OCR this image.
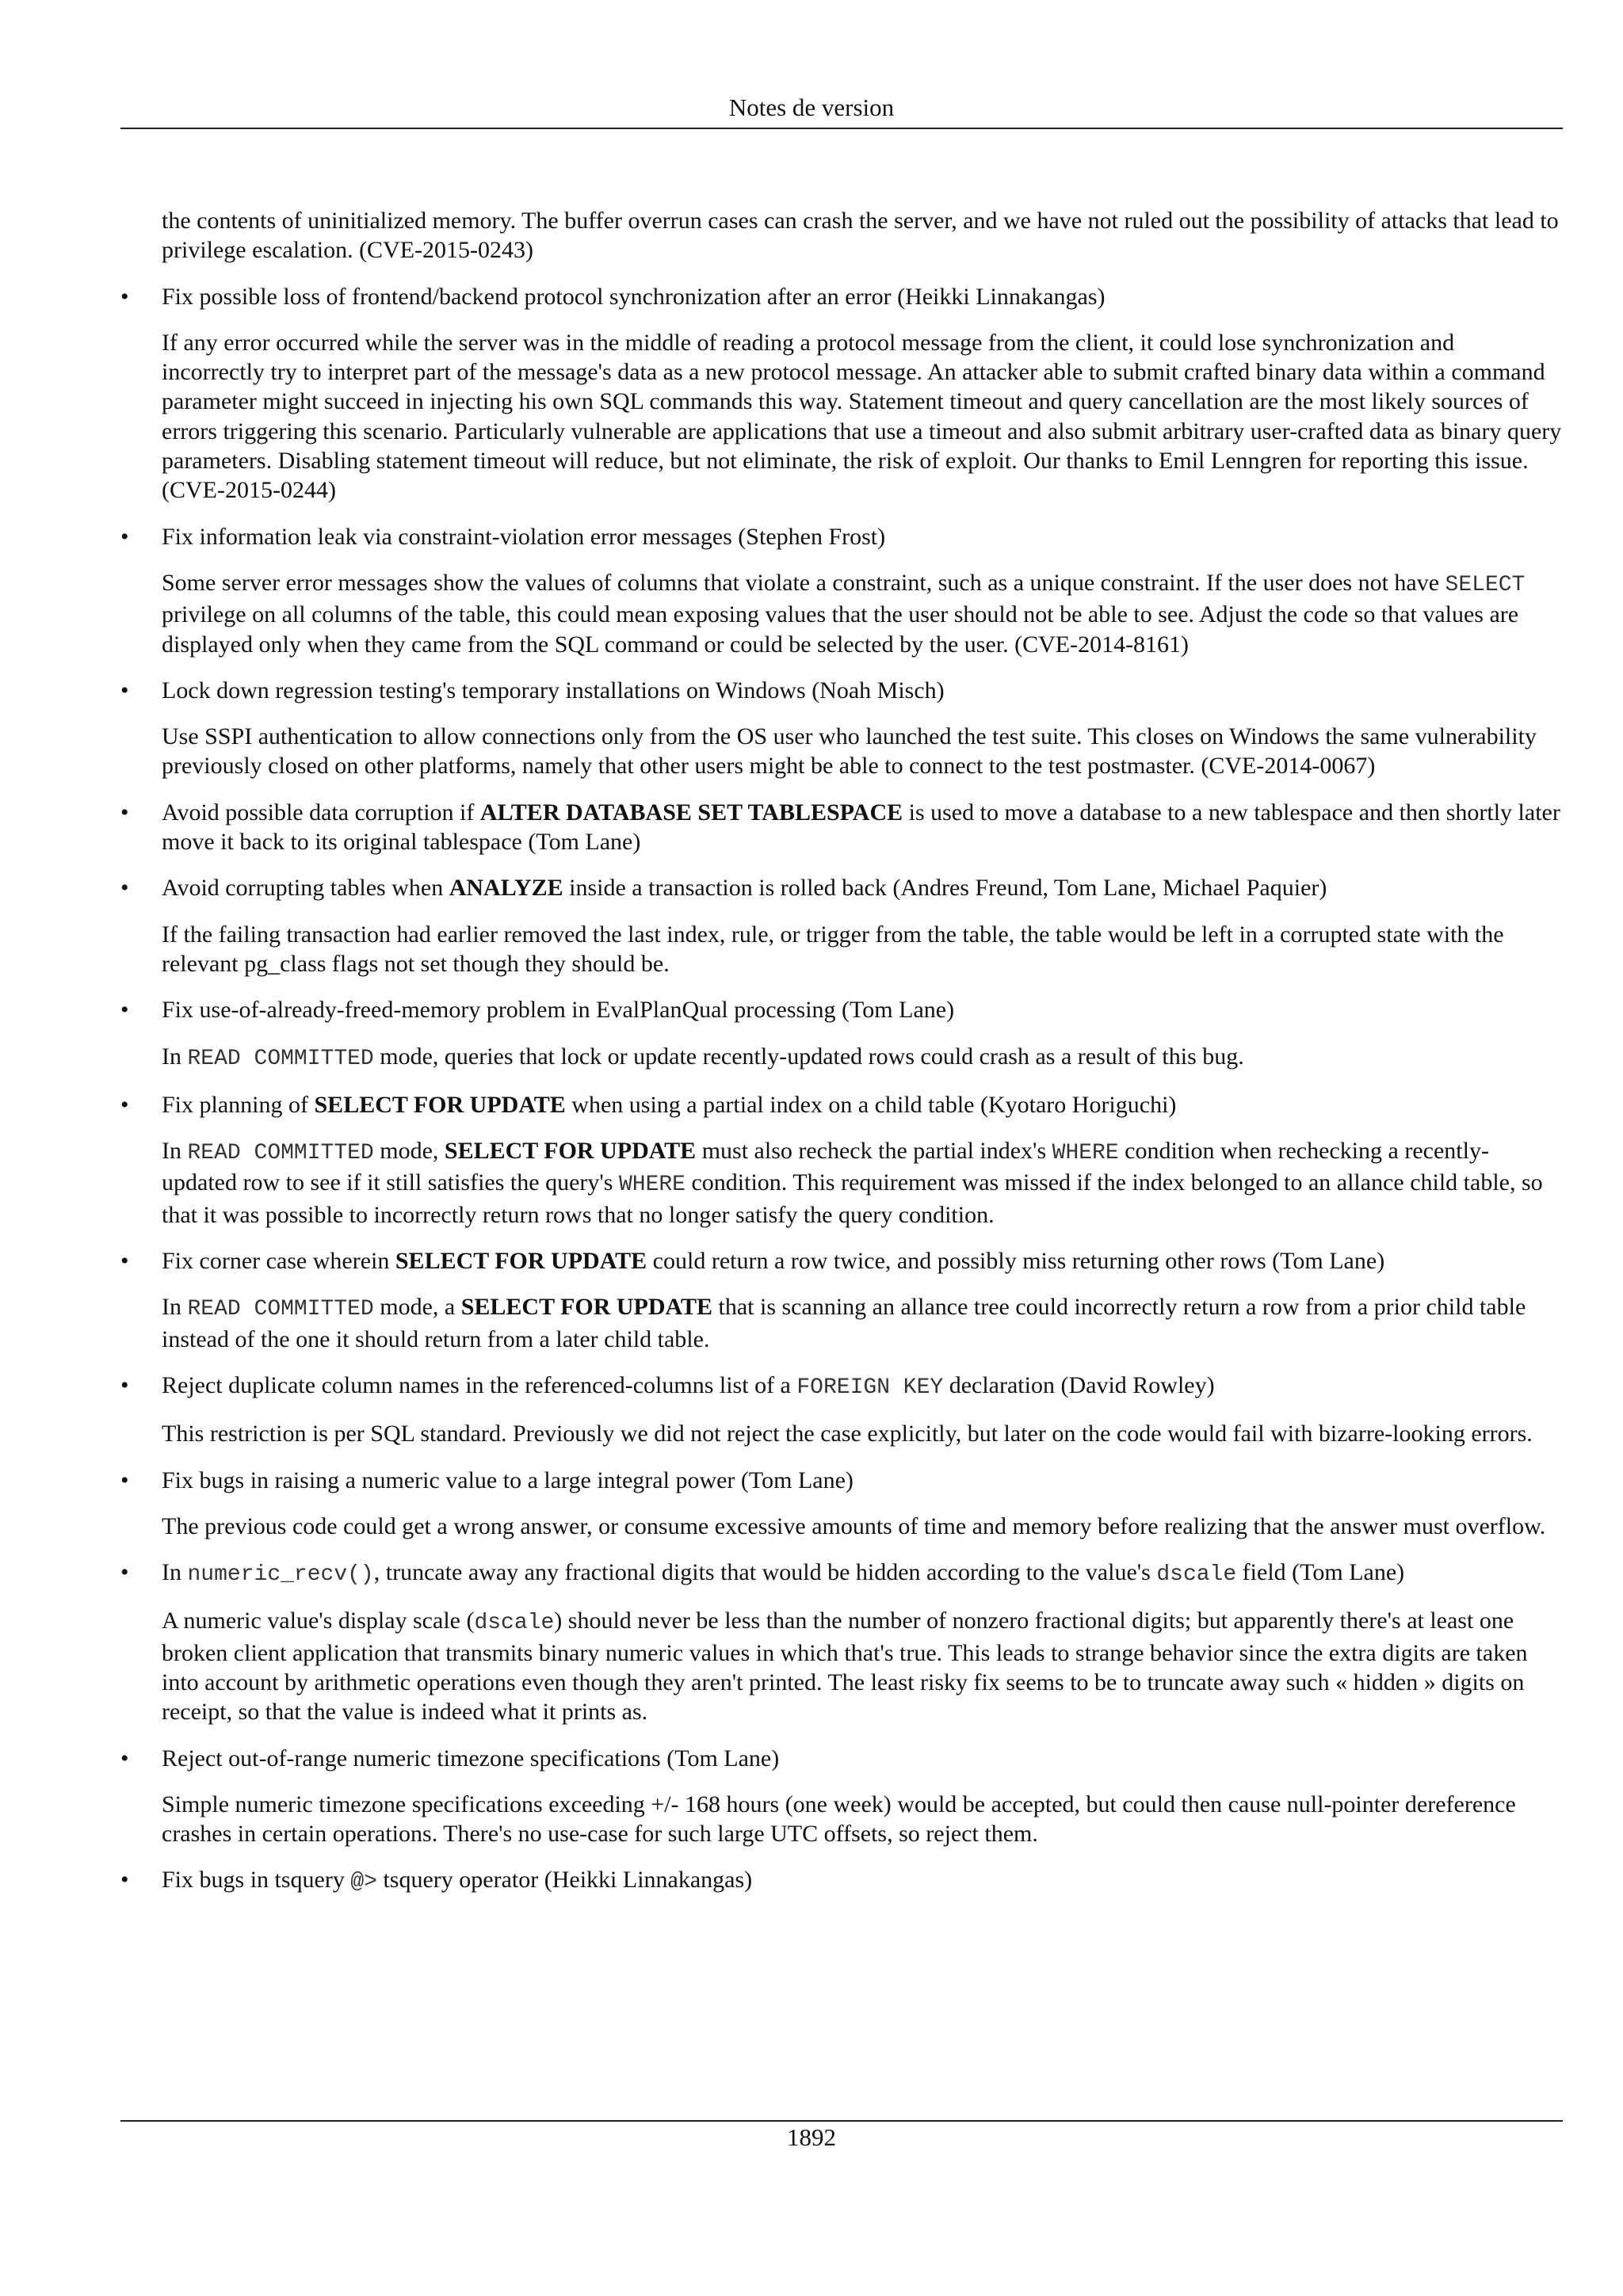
Notes de version

the contents of uninitialized memory. The buffer overrun cases can crash the server, and we have not ruled out the possibility of attacks that lead to privilege escalation. (CVE-2015-0243)

• Fix possible loss of frontend/backend protocol synchronization after an error (Heikki Linnakangas)

If any error occurred while the server was in the middle of reading a protocol message from the client, it could lose synchronization and incorrectly try to interpret part of the message's data as a new protocol message. An attacker able to submit crafted binary data within a command parameter might succeed in injecting his own SQL commands this way. Statement timeout and query cancellation are the most likely sources of errors triggering this scenario. Particularly vulnerable are applications that use a timeout and also submit arbitrary user-crafted data as binary query parameters. Disabling statement timeout will reduce, but not eliminate, the risk of exploit. Our thanks to Emil Lenngren for reporting this issue. (CVE-2015-0244)

• Fix information leak via constraint-violation error messages (Stephen Frost)

Some server error messages show the values of columns that violate a constraint, such as a unique constraint. If the user does not have SELECT privilege on all columns of the table, this could mean exposing values that the user should not be able to see. Adjust the code so that values are displayed only when they came from the SQL command or could be selected by the user. (CVE-2014-8161)

• Lock down regression testing's temporary installations on Windows (Noah Misch)

Use SSPI authentication to allow connections only from the OS user who launched the test suite. This closes on Windows the same vulnerability previously closed on other platforms, namely that other users might be able to connect to the test postmaster. (CVE-2014-0067)

• Avoid possible data corruption if ALTER DATABASE SET TABLESPACE is used to move a database to a new tablespace and then shortly later move it back to its original tablespace (Tom Lane)

• Avoid corrupting tables when ANALYZE inside a transaction is rolled back (Andres Freund, Tom Lane, Michael Paquier)

If the failing transaction had earlier removed the last index, rule, or trigger from the table, the table would be left in a corrupted state with the relevant pg_class flags not set though they should be.

• Fix use-of-already-freed-memory problem in EvalPlanQual processing (Tom Lane)

In READ COMMITTED mode, queries that lock or update recently-updated rows could crash as a result of this bug.

• Fix planning of SELECT FOR UPDATE when using a partial index on a child table (Kyotaro Horiguchi)

In READ COMMITTED mode, SELECT FOR UPDATE must also recheck the partial index's WHERE condition when rechecking a recently-updated row to see if it still satisfies the query's WHERE condition. This requirement was missed if the index belonged to an allance child table, so that it was possible to incorrectly return rows that no longer satisfy the query condition.

• Fix corner case wherein SELECT FOR UPDATE could return a row twice, and possibly miss returning other rows (Tom Lane)

In READ COMMITTED mode, a SELECT FOR UPDATE that is scanning an allance tree could incorrectly return a row from a prior child table instead of the one it should return from a later child table.

• Reject duplicate column names in the referenced-columns list of a FOREIGN KEY declaration (David Rowley)

This restriction is per SQL standard. Previously we did not reject the case explicitly, but later on the code would fail with bizarre-looking errors.

• Fix bugs in raising a numeric value to a large integral power (Tom Lane)

The previous code could get a wrong answer, or consume excessive amounts of time and memory before realizing that the answer must overflow.

• In numeric_recv(), truncate away any fractional digits that would be hidden according to the value's dscale field (Tom Lane)

A numeric value's display scale (dscale) should never be less than the number of nonzero fractional digits; but apparently there's at least one broken client application that transmits binary numeric values in which that's true. This leads to strange behavior since the extra digits are taken into account by arithmetic operations even though they aren't printed. The least risky fix seems to be to truncate away such « hidden » digits on receipt, so that the value is indeed what it prints as.

• Reject out-of-range numeric timezone specifications (Tom Lane)

Simple numeric timezone specifications exceeding +/- 168 hours (one week) would be accepted, but could then cause null-pointer dereference crashes in certain operations. There's no use-case for such large UTC offsets, so reject them.

• Fix bugs in tsquery @> tsquery operator (Heikki Linnakangas)

1892
